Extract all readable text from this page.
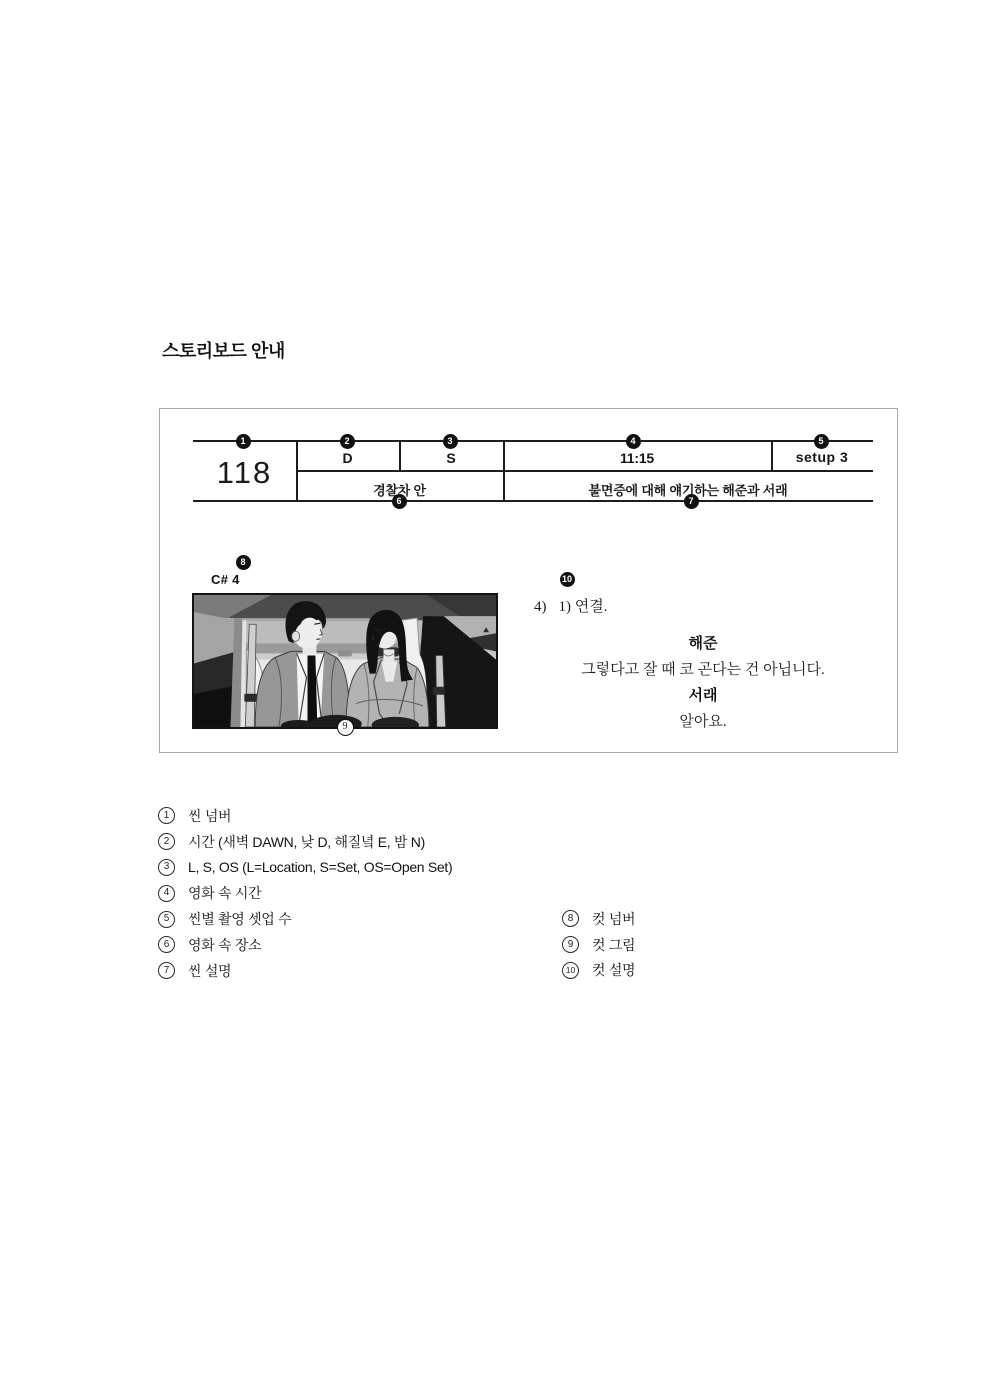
스토리보드 안내
1	2	3	4	5
6	7
118	D	S	11:15	setup 3
경찰차 안	불면증에 대해 얘기하는 해준과 서래
8
C# 4
9
10
4) 1) 연결.
해준
그렇다고 잘 때 코 곤다는 건 아닙니다.
서래
알아요.
1	씬 넘버
2	시간 (새벽 DAWN, 낮 D, 해질녘 E, 밤 N)
3	L, S, OS (L=Location, S=Set, OS=Open Set)
4	영화 속 시간
5	씬별 촬영 셋업 수
6	영화 속 장소
7	씬 설명
8	컷 넘버
9	컷 그림
10 컷 설명
